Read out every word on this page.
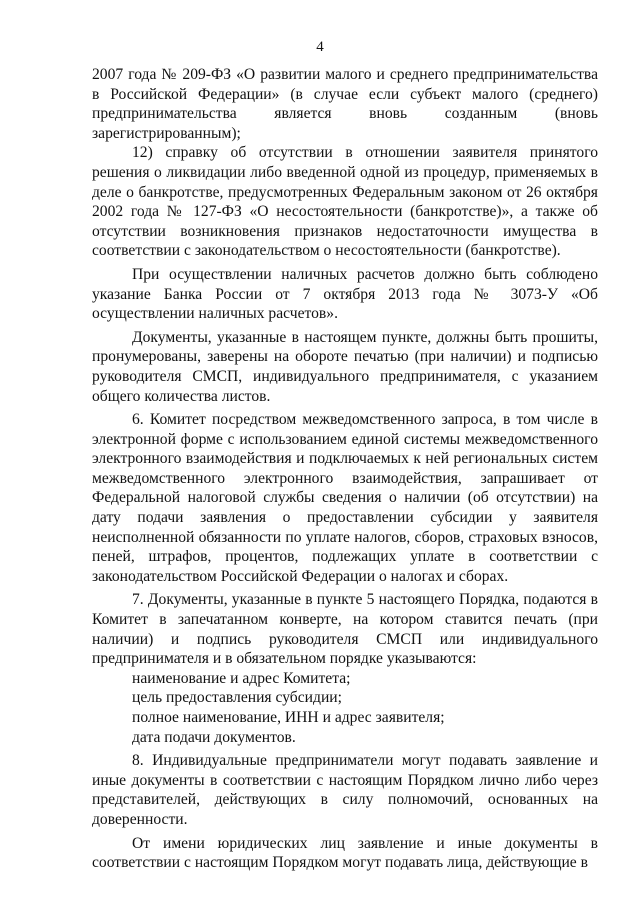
4

2007 года № 209-ФЗ «О развитии малого и среднего предпринимательства в Российской Федерации» (в случае если субъект малого (среднего) предпринимательства является вновь созданным (вновь зарегистрированным);

12) справку об отсутствии в отношении заявителя принятого решения о ликвидации либо введенной одной из процедур, применяемых в деле о банкротстве, предусмотренных Федеральным законом от 26 октября 2002 года № 127-ФЗ «О несостоятельности (банкротстве)», а также об отсутствии возникновения признаков недостаточности имущества в соответствии с законодательством о несостоятельности (банкротстве).

При осуществлении наличных расчетов должно быть соблюдено указание Банка России от 7 октября 2013 года № 3073-У «Об осуществлении наличных расчетов».

Документы, указанные в настоящем пункте, должны быть прошиты, пронумерованы, заверены на обороте печатью (при наличии) и подписью руководителя СМСП, индивидуального предпринимателя, с указанием общего количества листов.

6. Комитет посредством межведомственного запроса, в том числе в электронной форме с использованием единой системы межведомственного электронного взаимодействия и подключаемых к ней региональных систем межведомственного электронного взаимодействия, запрашивает от Федеральной налоговой службы сведения о наличии (об отсутствии) на дату подачи заявления о предоставлении субсидии у заявителя неисполненной обязанности по уплате налогов, сборов, страховых взносов, пеней, штрафов, процентов, подлежащих уплате в соответствии с законодательством Российской Федерации о налогах и сборах.

7. Документы, указанные в пункте 5 настоящего Порядка, подаются в Комитет в запечатанном конверте, на котором ставится печать (при наличии) и подпись руководителя СМСП или индивидуального предпринимателя и в обязательном порядке указываются:

наименование и адрес Комитета;

цель предоставления субсидии;

полное наименование, ИНН и адрес заявителя;

дата подачи документов.

8. Индивидуальные предприниматели могут подавать заявление и иные документы в соответствии с настоящим Порядком лично либо через представителей, действующих в силу полномочий, основанных на доверенности.

От имени юридических лиц заявление и иные документы в соответствии с настоящим Порядком могут подавать лица, действующие в
